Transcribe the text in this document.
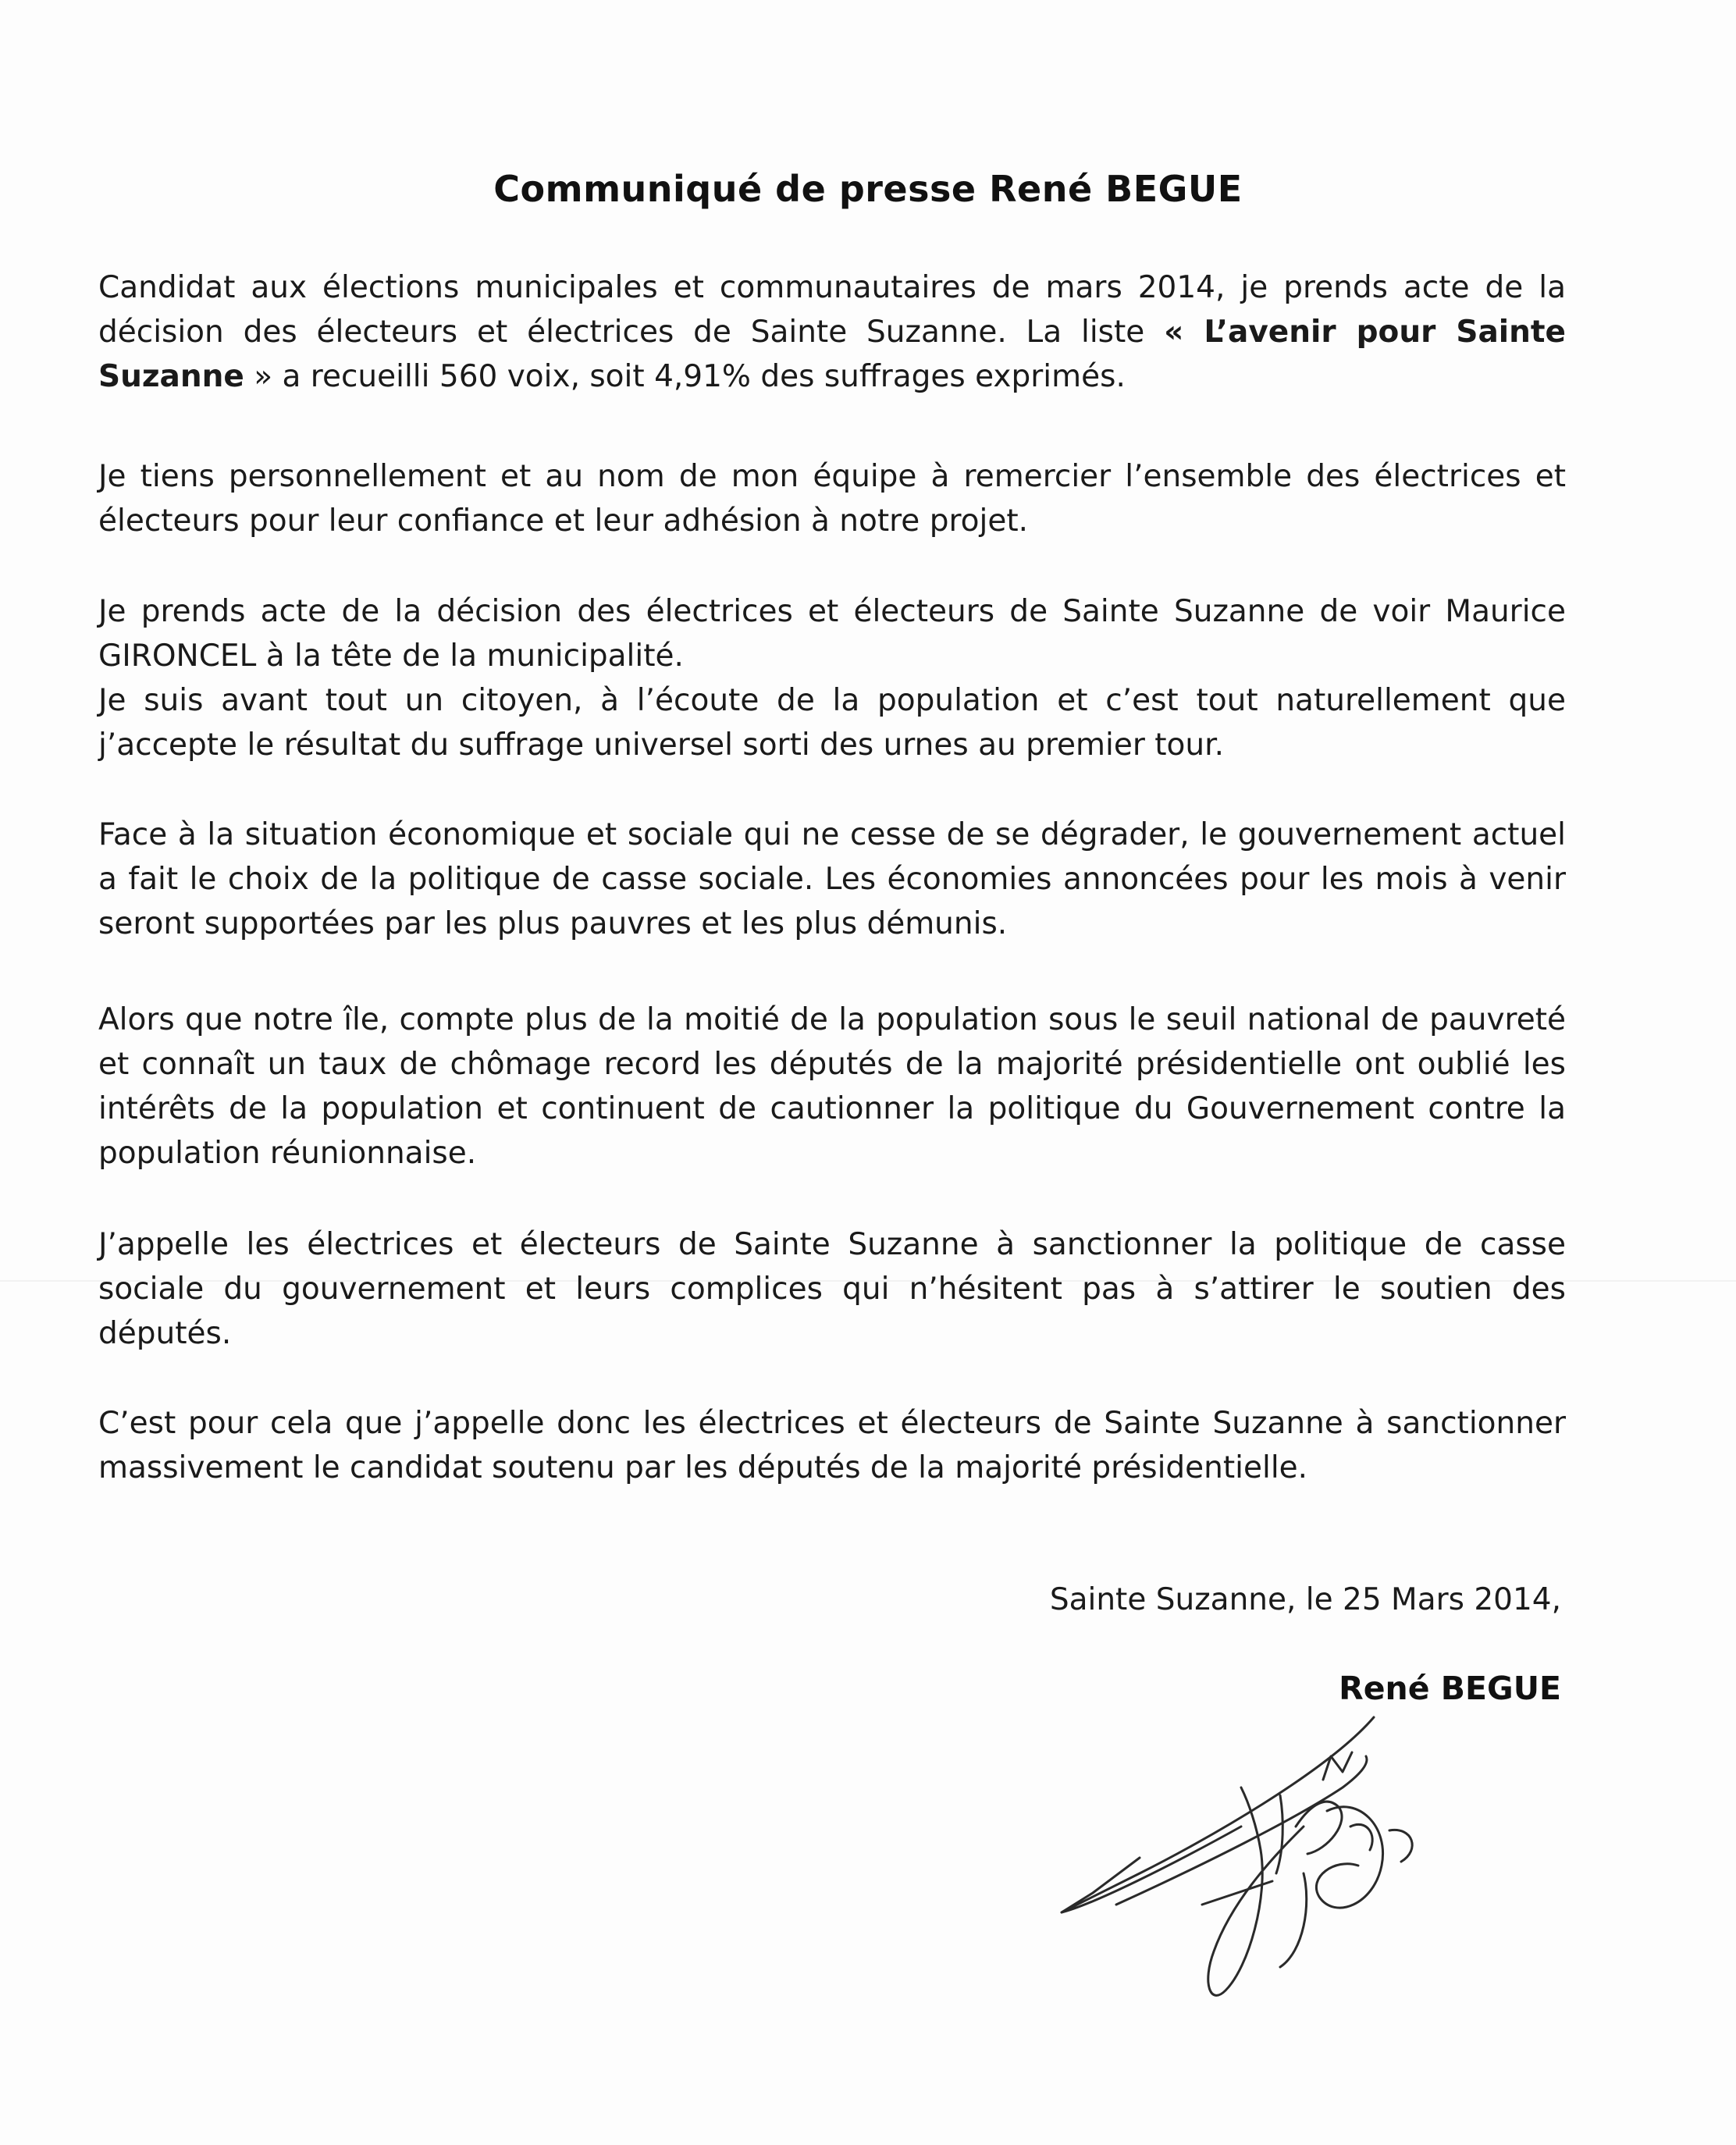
Communiqué de presse René BEGUE

Candidat aux élections municipales et communautaires de mars 2014, je prends acte de la décision des électeurs et électrices de Sainte Suzanne. La liste « L’avenir pour Sainte Suzanne » a recueilli 560 voix, soit 4,91% des suffrages exprimés.

Je tiens personnellement et au nom de mon équipe à remercier l’ensemble des électrices et électeurs pour leur confiance et leur adhésion à notre projet.

Je prends acte de la décision des électrices et électeurs de Sainte Suzanne de voir Maurice GIRONCEL à la tête de la municipalité.

Je suis avant tout un citoyen, à l’écoute de la population et c’est tout naturellement que j’accepte le résultat du suffrage universel sorti des urnes au premier tour.

Face à la situation économique et sociale qui ne cesse de se dégrader, le gouvernement actuel a fait le choix de la politique de casse sociale. Les économies annoncées pour les mois à venir seront supportées par les plus pauvres et les plus démunis.

Alors que notre île, compte plus de la moitié de la population sous le seuil national de pauvreté et connaît un taux de chômage record les députés de la majorité présidentielle ont oublié les intérêts de la population et continuent de cautionner la politique du Gouvernement contre la population réunionnaise.

J’appelle les électrices et électeurs de Sainte Suzanne à sanctionner la politique de casse sociale du gouvernement et leurs complices qui n’hésitent pas à s’attirer le soutien des députés.

C’est pour cela que j’appelle donc les électrices et électeurs de Sainte Suzanne à sanctionner massivement le candidat soutenu par les députés de la majorité présidentielle.

Sainte Suzanne, le 25 Mars 2014,
René BEGUE
